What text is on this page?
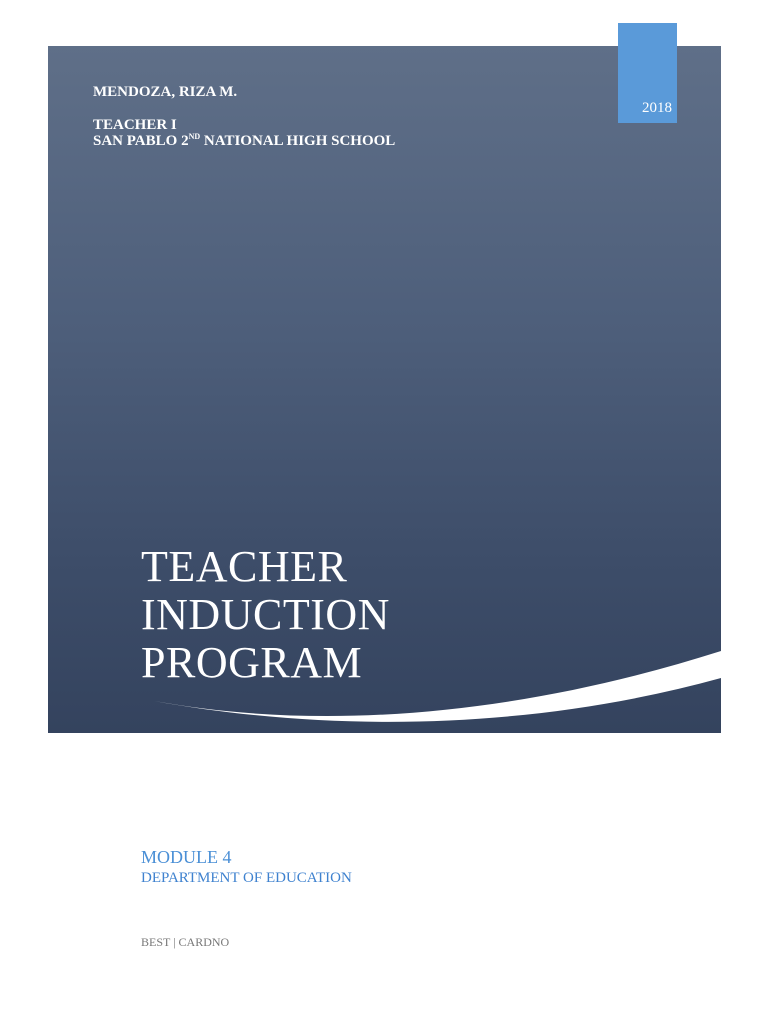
MENDOZA, RIZA M.
TEACHER I
SAN PABLO 2ND NATIONAL HIGH SCHOOL
TEACHER
INDUCTION
PROGRAM
2018
MODULE 4
DEPARTMENT OF EDUCATION
BEST | CARDNO
